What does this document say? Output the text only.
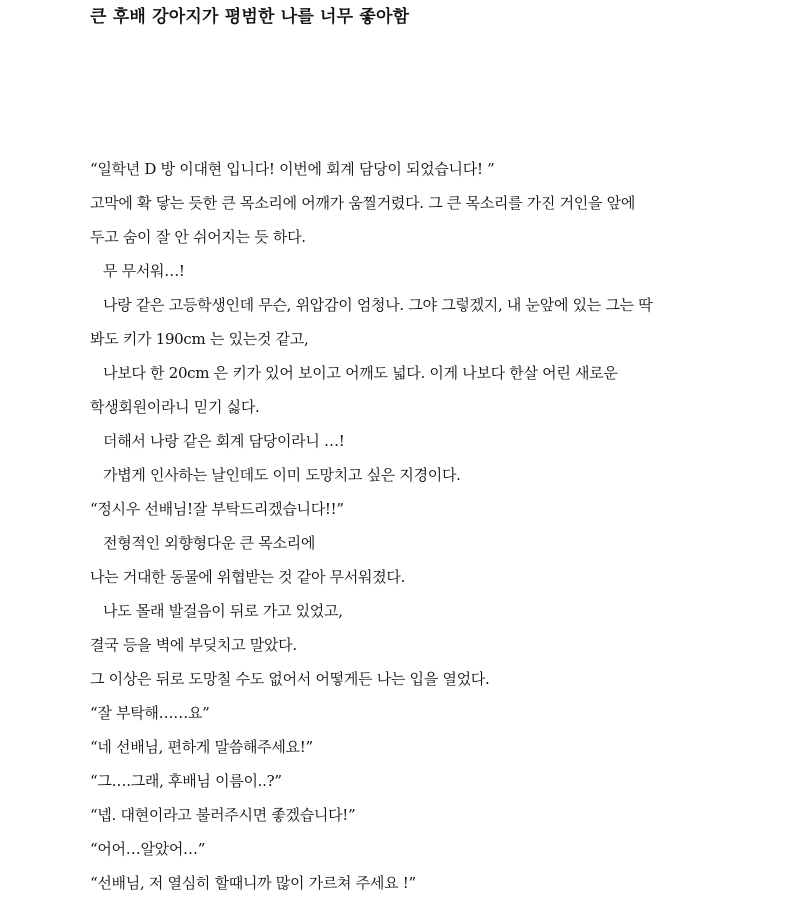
큰 후배 강아지가 평범한 나를 너무 좋아함
“일학년 D 방 이대현 입니다! 이번에 회계 담당이 되었습니다! ”
고막에 확 닿는 듯한 큰 목소리에 어깨가 움찔거렸다. 그 큰 목소리를 가진 거인을 앞에
두고 숨이 잘 안 쉬어지는 듯 하다.
무 무서워…!
나랑 같은 고등학생인데 무슨, 위압감이 엄청나. 그야 그렇겠지, 내 눈앞에 있는 그는 딱
봐도 키가 190cm 는 있는것 같고,
나보다 한 20cm 은 키가 있어 보이고 어깨도 넓다. 이게 나보다 한살 어린 새로운
학생회원이라니 믿기 싫다.
더해서 나랑 같은 회계 담당이라니 …!
가볍게 인사하는 날인데도 이미 도망치고 싶은 지경이다.
“정시우 선배님!잘 부탁드리겠습니다!!”
전형적인 외향형다운 큰 목소리에
나는 거대한 동물에 위협받는 것 같아 무서워졌다.
나도 몰래 발걸음이 뒤로 가고 있었고,
결국 등을 벽에 부딪치고 말았다.
그 이상은 뒤로 도망칠 수도 없어서 어떻게든 나는 입을 열었다.
“잘 부탁해……요”
“네 선배님, 편하게 말씀해주세요!”
“그….그래, 후배님 이름이..?”
“넵. 대현이라고 불러주시면 좋겠습니다!”
“어어…알았어…”
“선배님, 저 열심히 할때니까 많이 가르쳐 주세요 !”
